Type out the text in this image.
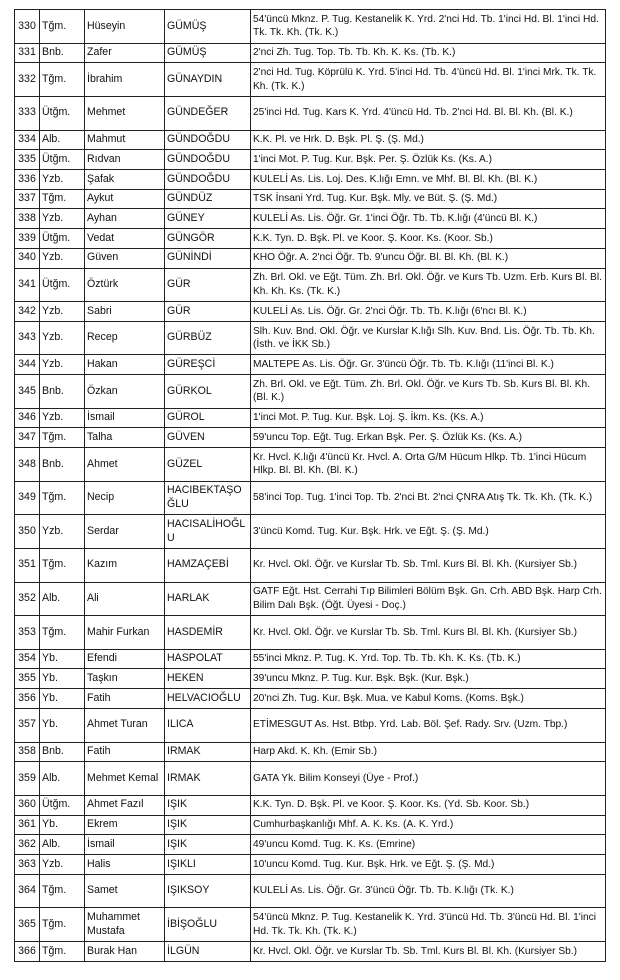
330	Tğm.	Hüseyin	GÜMÜŞ	54'üncü Mknz. P. Tug. Kestanelik K. Yrd. 2'nci Hd. Tb. 1'inci Hd. Bl. 1'inci Hd. Tk. Tk. Kh. (Tk. K.)
331	Bnb.	Zafer	GÜMÜŞ	2'nci Zh. Tug. Top. Tb. Tb. Kh. K. Ks. (Tb. K.)
332	Tğm.	İbrahim	GÜNAYDIN	2'nci Hd. Tug. Köprülü K. Yrd. 5'inci Hd. Tb. 4'üncü Hd. Bl. 1'inci Mrk. Tk. Tk. Kh. (Tk. K.)
333	Ütğm.	Mehmet	GÜNDEĞER	25'inci Hd. Tug. Kars K. Yrd. 4'üncü Hd. Tb. 2'nci Hd. Bl. Bl. Kh. (Bl. K.)
334	Alb.	Mahmut	GÜNDOĞDU	K.K. Pl. ve Hrk. D. Bşk. Pl. Ş. (Ş. Md.)
335	Ütğm.	Rıdvan	GÜNDOĞDU	1'inci Mot. P. Tug. Kur. Bşk. Per. Ş. Özlük Ks. (Ks. A.)
336	Yzb.	Şafak	GÜNDOĞDU	KULELİ As. Lis. Loj. Des. K.lığı Emn. ve Mhf. Bl. Bl. Kh. (Bl. K.)
337	Tğm.	Aykut	GÜNDÜZ	TSK İnsani Yrd. Tug. Kur. Bşk. Mly. ve Büt. Ş. (Ş. Md.)
338	Yzb.	Ayhan	GÜNEY	KULELİ As. Lis. Öğr. Gr. 1'inci Öğr. Tb. Tb. K.lığı (4'üncü Bl. K.)
339	Ütğm.	Vedat	GÜNGÖR	K.K. Tyn. D. Bşk. Pl. ve Koor. Ş. Koor. Ks. (Koor. Sb.)
340	Yzb.	Güven	GÜNİNDİ	KHO Öğr. A. 2'nci Öğr. Tb. 9'uncu Öğr. Bl. Bl. Kh. (Bl. K.)
341	Ütğm.	Öztürk	GÜR	Zh. Brl. Okl. ve Eğt. Tüm. Zh. Brl. Okl. Öğr. ve Kurs Tb. Uzm. Erb. Kurs Bl. Bl. Kh. Kh. Ks. (Tk. K.)
342	Yzb.	Sabri	GÜR	KULELİ As. Lis. Öğr. Gr. 2'nci Öğr. Tb. Tb. K.lığı (6'ncı Bl. K.)
343	Yzb.	Recep	GÜRBÜZ	Slh. Kuv. Bnd. Okl. Öğr. ve Kurslar K.lığı Slh. Kuv. Bnd. Lis. Öğr. Tb. Tb. Kh. (İsth. ve İKK Sb.)
344	Yzb.	Hakan	GÜREŞCİ	MALTEPE As. Lis. Öğr. Gr. 3'üncü Öğr. Tb. Tb. K.lığı (11'inci Bl. K.)
345	Bnb.	Özkan	GÜRKOL	Zh. Brl. Okl. ve Eğt. Tüm. Zh. Brl. Okl. Öğr. ve Kurs Tb. Sb. Kurs Bl. Bl. Kh. (Bl. K.)
346	Yzb.	İsmail	GÜROL	1'inci Mot. P. Tug. Kur. Bşk. Loj. Ş. İkm. Ks. (Ks. A.)
347	Tğm.	Talha	GÜVEN	59'uncu Top. Eğt. Tug. Erkan Bşk. Per. Ş. Özlük Ks. (Ks. A.)
348	Bnb.	Ahmet	GÜZEL	Kr. Hvcl. K.lığı 4'üncü Kr. Hvcl. A. Orta G/M Hücum Hlkp. Tb. 1'inci Hücum Hlkp. Bl. Bl. Kh. (Bl. K.)
349	Tğm.	Necip	HACIBEKTAŞO ĞLU	58'inci Top. Tug. 1'inci Top. Tb. 2'nci Bt. 2'nci ÇNRA Atış Tk. Tk. Kh. (Tk. K.)
350	Yzb.	Serdar	HACISALİHOĞL U	3'üncü Komd. Tug. Kur. Bşk. Hrk. ve Eğt. Ş. (Ş. Md.)
351	Tğm.	Kazım	HAMZAÇEBİ	Kr. Hvcl. Okl. Öğr. ve Kurslar Tb. Sb. Tml. Kurs Bl. Bl. Kh. (Kursiyer Sb.)
352	Alb.	Ali	HARLAK	GATF Eğt. Hst. Cerrahi Tıp Bilimleri Bölüm Bşk. Gn. Crh. ABD Bşk. Harp Crh. Bilim Dalı Bşk. (Öğt. Üyesi - Doç.)
353	Tğm.	Mahir Furkan	HASDEMİR	Kr. Hvcl. Okl. Öğr. ve Kurslar Tb. Sb. Tml. Kurs Bl. Bl. Kh. (Kursiyer Sb.)
354	Yb.	Efendi	HASPOLAT	55'inci Mknz. P. Tug. K. Yrd. Top. Tb. Tb. Kh. K. Ks. (Tb. K.)
355	Yb.	Taşkın	HEKEN	39'uncu Mknz. P. Tug. Kur. Bşk. Bşk. (Kur. Bşk.)
356	Yb.	Fatih	HELVACIOĞLU	20'nci Zh. Tug. Kur. Bşk. Mua. ve Kabul Koms. (Koms. Bşk.)
357	Yb.	Ahmet Turan	ILICA	ETİMESGUT As. Hst. Btbp. Yrd. Lab. Böl. Şef. Rady. Srv. (Uzm. Tbp.)
358	Bnb.	Fatih	IRMAK	Harp Akd. K. Kh. (Emir Sb.)
359	Alb.	Mehmet Kemal	IRMAK	GATA Yk. Bilim Konseyi (Üye - Prof.)
360	Ütğm.	Ahmet Fazıl	IŞIK	K.K. Tyn. D. Bşk. Pl. ve Koor. Ş. Koor. Ks. (Yd. Sb. Koor. Sb.)
361	Yb.	Ekrem	IŞIK	Cumhurbaşkanlığı Mhf. A. K. Ks. (A. K. Yrd.)
362	Alb.	İsmail	IŞIK	49'uncu Komd. Tug. K. Ks. (Emrine)
363	Yzb.	Halis	IŞIKLI	10'uncu Komd. Tug. Kur. Bşk. Hrk. ve Eğt. Ş. (Ş. Md.)
364	Tğm.	Samet	IŞIKSOY	KULELİ As. Lis. Öğr. Gr. 3'üncü Öğr. Tb. Tb. K.lığı (Tk. K.)
365	Tğm.	Muhammet Mustafa	İBİŞOĞLU	54'üncü Mknz. P. Tug. Kestanelik K. Yrd. 3'üncü Hd. Tb. 3'üncü Hd. Bl. 1'inci Hd. Tk. Tk. Kh. (Tk. K.)
366	Tğm.	Burak Han	İLGÜN	Kr. Hvcl. Okl. Öğr. ve Kurslar Tb. Sb. Tml. Kurs Bl. Bl. Kh. (Kursiyer Sb.)
